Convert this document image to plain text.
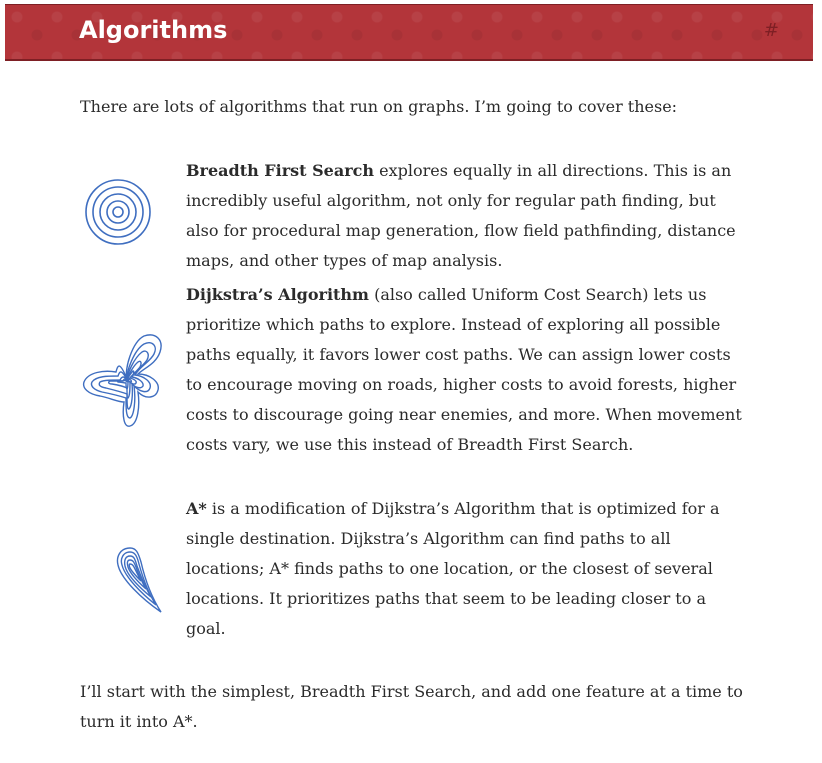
Algorithms	#

There are lots of algorithms that run on graphs. I’m going to cover these:

Breadth First Search explores equally in all directions. This is an incredibly useful algorithm, not only for regular path finding, but also for procedural map generation, flow field pathfinding, distance maps, and other types of map analysis.

Dijkstra’s Algorithm (also called Uniform Cost Search) lets us prioritize which paths to explore. Instead of exploring all possible paths equally, it favors lower cost paths. We can assign lower costs to encourage moving on roads, higher costs to avoid forests, higher costs to discourage going near enemies, and more. When movement costs vary, we use this instead of Breadth First Search.

A* is a modification of Dijkstra’s Algorithm that is optimized for a single destination. Dijkstra’s Algorithm can find paths to all locations; A* finds paths to one location, or the closest of several locations. It prioritizes paths that seem to be leading closer to a goal.

I’ll start with the simplest, Breadth First Search, and add one feature at a time to turn it into A*.
